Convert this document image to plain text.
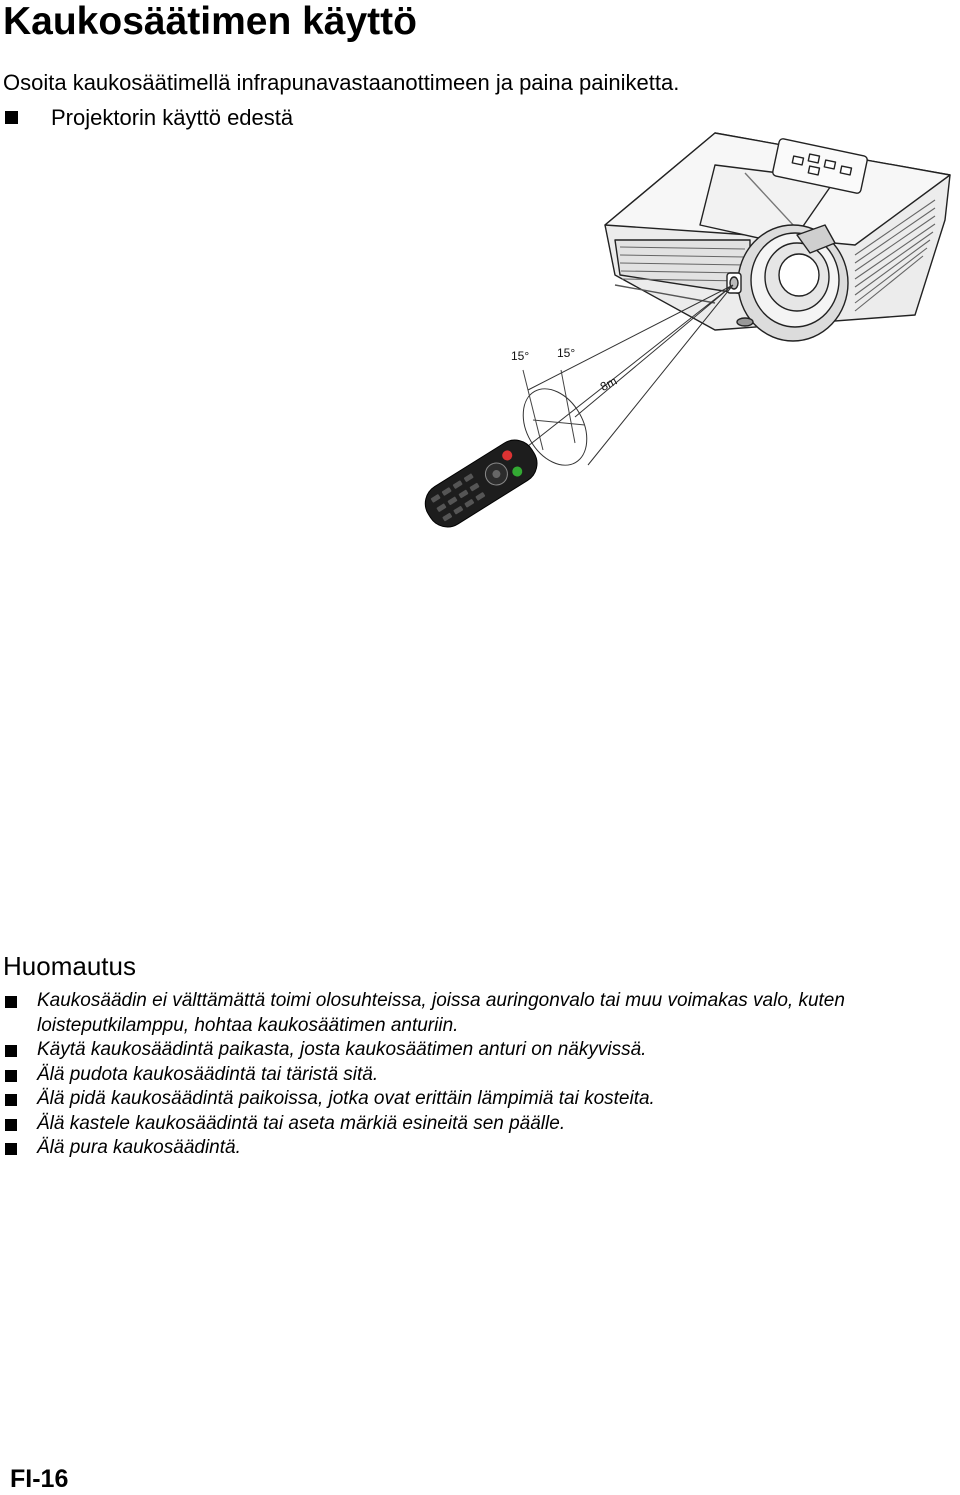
Kaukosäätimen käyttö
Osoita kaukosäätimellä infrapunavastaanottimeen ja paina painiketta.
Projektorin käyttö edestä
15° 15°
8m
Huomautus
Kaukosäädin ei välttämättä toimi olosuhteissa, joissa auringonvalo tai muu voimakas valo, kuten loisteputkilamppu, hohtaa kaukosäätimen anturiin.
Käytä kaukosäädintä paikasta, josta kaukosäätimen anturi on näkyvissä.
Älä pudota kaukosäädintä tai täristä sitä.
Älä pidä kaukosäädintä paikoissa, jotka ovat erittäin lämpimiä tai kosteita.
Älä kastele kaukosäädintä tai aseta märkiä esineitä sen päälle.
Älä pura kaukosäädintä.
FI-16
